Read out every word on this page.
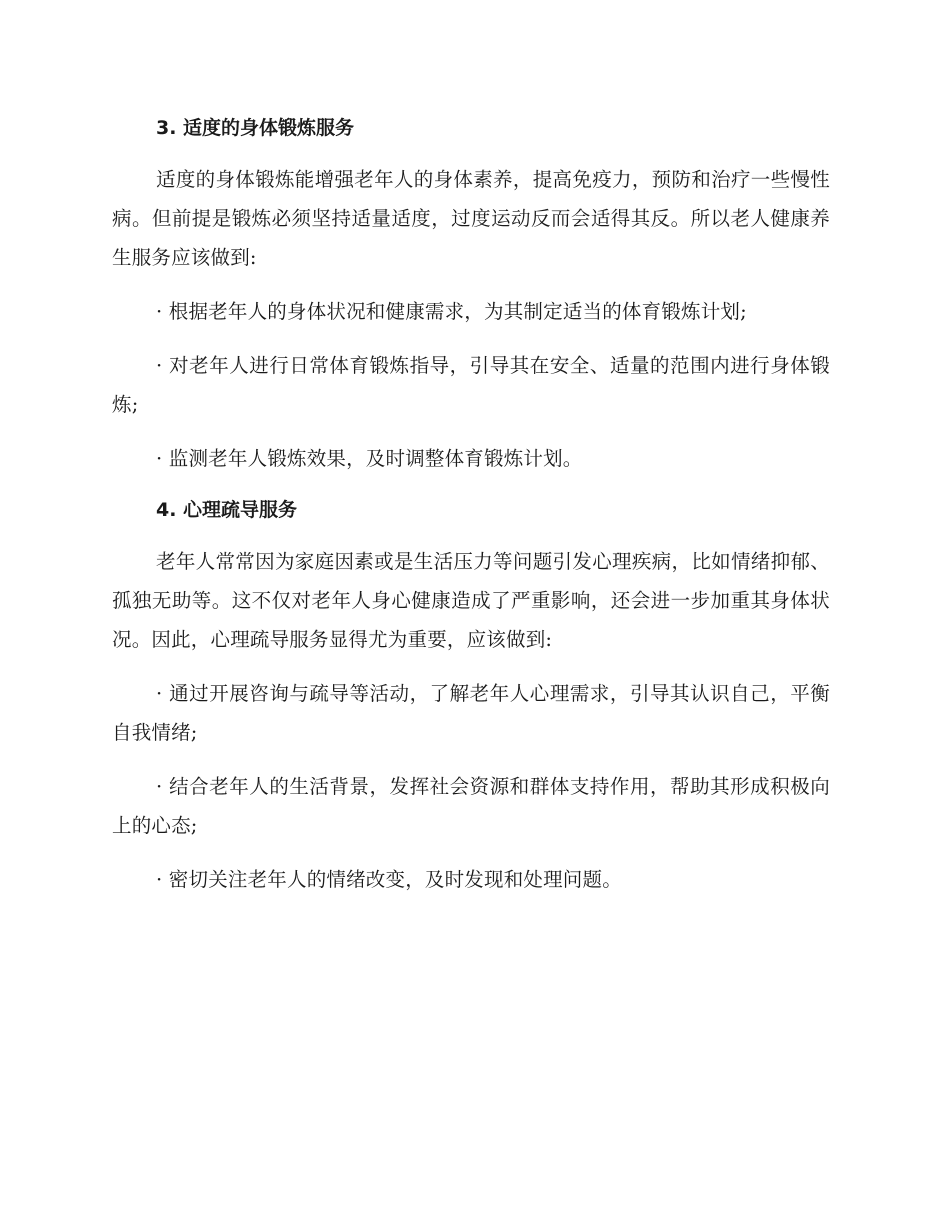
3. 适度的身体锻炼服务

适度的身体锻炼能增强老年人的身体素养，提高免疫力，预防和治疗一些慢性病。但前提是锻炼必须坚持适量适度，过度运动反而会适得其反。所以老人健康养生服务应该做到:

· 根据老年人的身体状况和健康需求，为其制定适当的体育锻炼计划;

· 对老年人进行日常体育锻炼指导，引导其在安全、适量的范围内进行身体锻炼;

· 监测老年人锻炼效果，及时调整体育锻炼计划。

4. 心理疏导服务

老年人常常因为家庭因素或是生活压力等问题引发心理疾病，比如情绪抑郁、孤独无助等。这不仅对老年人身心健康造成了严重影响，还会进一步加重其身体状况。因此，心理疏导服务显得尤为重要，应该做到:

· 通过开展咨询与疏导等活动，了解老年人心理需求，引导其认识自己，平衡自我情绪;

· 结合老年人的生活背景，发挥社会资源和群体支持作用，帮助其形成积极向上的心态;

· 密切关注老年人的情绪改变，及时发现和处理问题。
